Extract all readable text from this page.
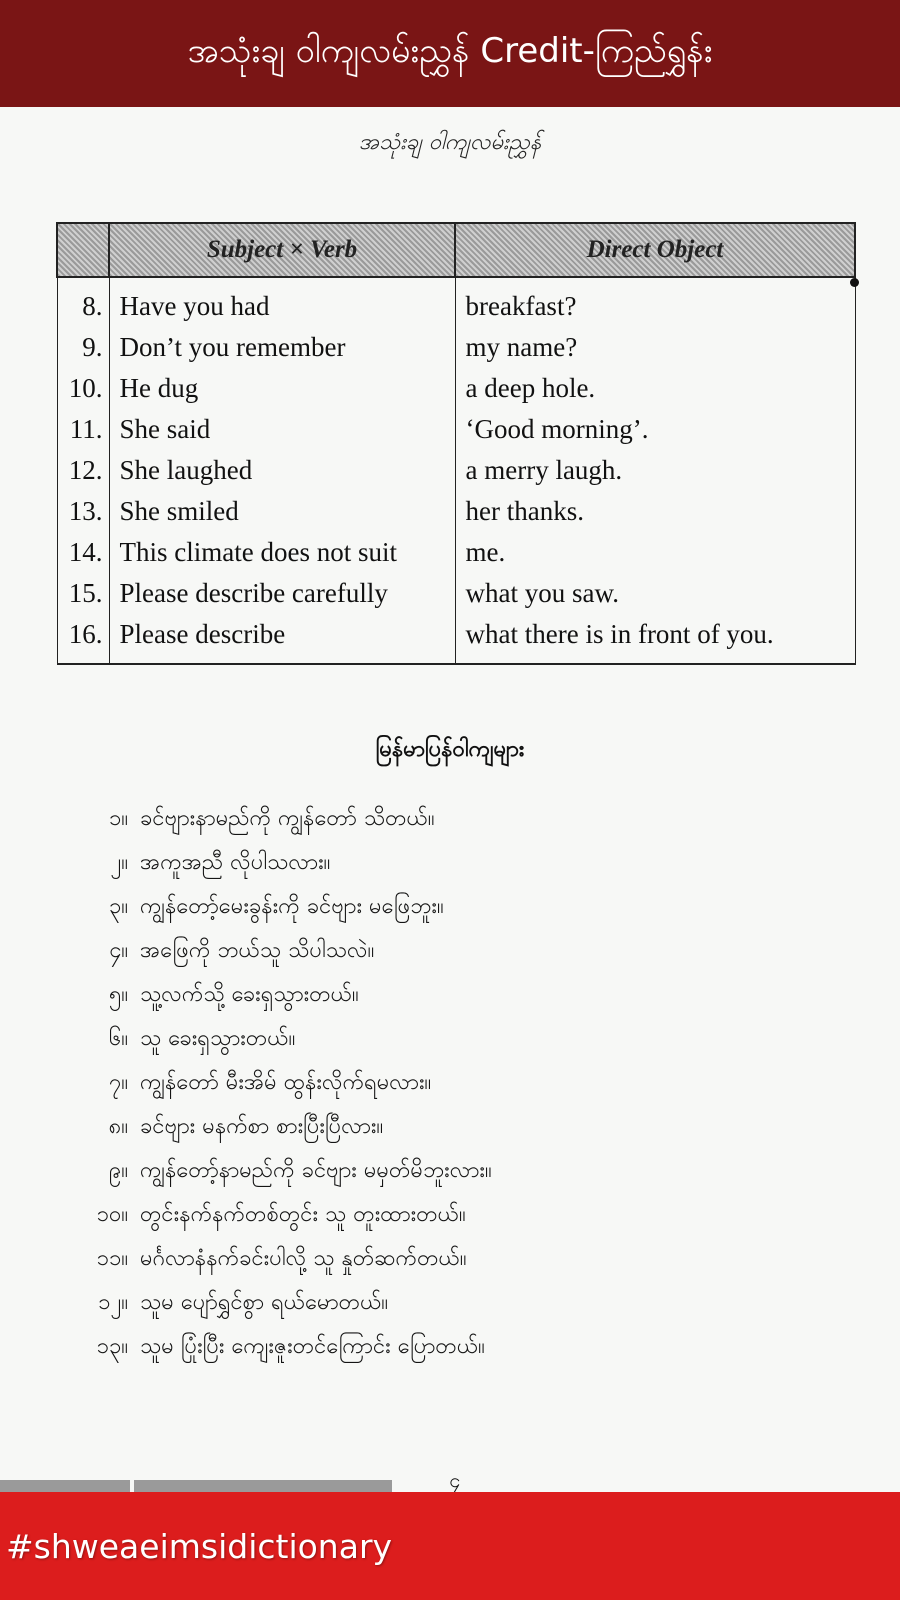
အသုံးချ ဝါကျလမ်းညွှန် Credit-ကြည်ရွှန်း
အသုံးချ ဝါကျလမ်းညွှန်
	Subject × Verb	Direct Object
8.	Have you had	breakfast?
9.	Don’t you remember	my name?
10.	He dug	a deep hole.
11.	She said	‘Good morning’.
12.	She laughed	a merry laugh.
13.	She smiled	her thanks.
14.	This climate does not suit	me.
15.	Please describe carefully	what you saw.
16.	Please describe	what there is in front of you.
မြန်မာပြန်ဝါကျများ
၁။ ခင်ဗျားနာမည်ကို ကျွန်တော် သိတယ်။
၂။ အကူအညီ လိုပါသလား။
၃။ ကျွန်တော့်မေးခွန်းကို ခင်ဗျား မဖြေဘူး။
၄။ အဖြေကို ဘယ်သူ သိပါသလဲ။
၅။ သူ့လက်သို့ ခေးရှသွားတယ်။
၆။ သူ ခေးရှသွားတယ်။
၇။ ကျွန်တော် မီးအိမ် ထွန်းလိုက်ရမလား။
၈။ ခင်ဗျား မနက်စာ စားပြီးပြီလား။
၉။ ကျွန်တော့်နာမည်ကို ခင်ဗျား မမှတ်မိဘူးလား။
၁၀။ တွင်းနက်နက်တစ်တွင်း သူ တူးထားတယ်။
၁၁။ မင်္ဂလာနံနက်ခင်းပါလို့ သူ နှုတ်ဆက်တယ်။
၁၂။ သူမ ပျော်ရွှင်စွာ ရယ်မောတယ်။
၁၃။ သူမ ပြုံးပြီး ကျေးဇူးတင်ကြောင်း ပြောတယ်။
၄
#shweaeimsidictionary
